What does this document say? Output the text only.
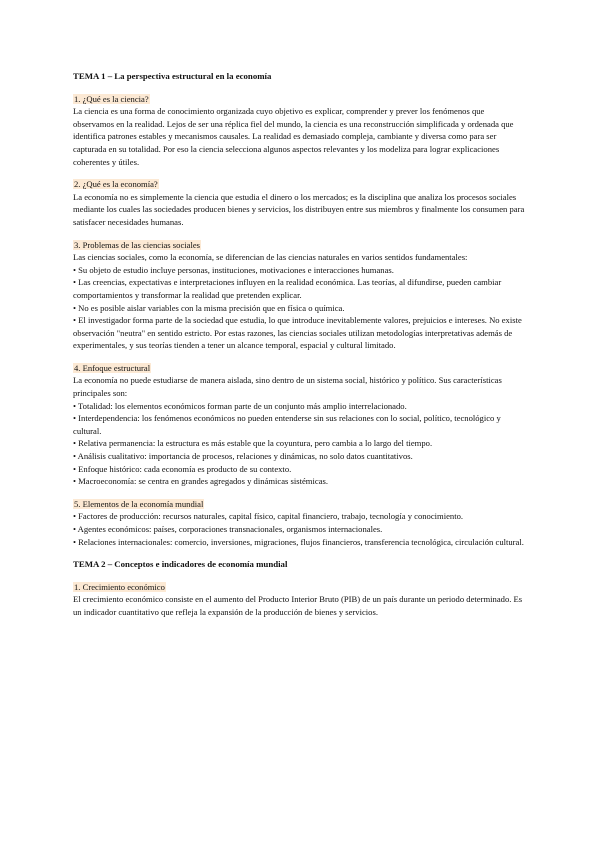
TEMA 1 – La perspectiva estructural en la economía
1. ¿Qué es la ciencia?

La ciencia es una forma de conocimiento organizada cuyo objetivo es explicar, comprender y prever los fenómenos que observamos en la realidad. Lejos de ser una réplica fiel del mundo, la ciencia es una reconstrucción simplificada y ordenada que identifica patrones estables y mecanismos causales. La realidad es demasiado compleja, cambiante y diversa como para ser capturada en su totalidad. Por eso la ciencia selecciona algunos aspectos relevantes y los modeliza para lograr explicaciones coherentes y útiles.

2. ¿Qué es la economía?

La economía no es simplemente la ciencia que estudia el dinero o los mercados; es la disciplina que analiza los procesos sociales mediante los cuales las sociedades producen bienes y servicios, los distribuyen entre sus miembros y finalmente los consumen para satisfacer necesidades humanas.

3. Problemas de las ciencias sociales

Las ciencias sociales, como la economía, se diferencian de las ciencias naturales en varios sentidos fundamentales:

• Su objeto de estudio incluye personas, instituciones, motivaciones e interacciones humanas.
• Las creencias, expectativas e interpretaciones influyen en la realidad económica. Las teorías, al difundirse, pueden cambiar comportamientos y transformar la realidad que pretenden explicar.
• No es posible aislar variables con la misma precisión que en física o química.
• El investigador forma parte de la sociedad que estudia, lo que introduce inevitablemente valores, prejuicios e intereses. No existe observación "neutra" en sentido estricto. Por estas razones, las ciencias sociales utilizan metodologías interpretativas además de experimentales, y sus teorías tienden a tener un alcance temporal, espacial y cultural limitado.
4. Enfoque estructural

La economía no puede estudiarse de manera aislada, sino dentro de un sistema social, histórico y político. Sus características principales son:

• Totalidad: los elementos económicos forman parte de un conjunto más amplio interrelacionado.
• Interdependencia: los fenómenos económicos no pueden entenderse sin sus relaciones con lo social, político, tecnológico y cultural.
• Relativa permanencia: la estructura es más estable que la coyuntura, pero cambia a lo largo del tiempo.
• Análisis cualitativo: importancia de procesos, relaciones y dinámicas, no solo datos cuantitativos.
• Enfoque histórico: cada economía es producto de su contexto.
• Macroeconomía: se centra en grandes agregados y dinámicas sistémicas.
5. Elementos de la economía mundial
• Factores de producción: recursos naturales, capital físico, capital financiero, trabajo, tecnología y conocimiento.
• Agentes económicos: países, corporaciones transnacionales, organismos internacionales.
• Relaciones internacionales: comercio, inversiones, migraciones, flujos financieros, transferencia tecnológica, circulación cultural.
TEMA 2 – Conceptos e indicadores de economía mundial
1. Crecimiento económico

El crecimiento económico consiste en el aumento del Producto Interior Bruto (PIB) de un país durante un periodo determinado. Es un indicador cuantitativo que refleja la expansión de la producción de bienes y servicios.
